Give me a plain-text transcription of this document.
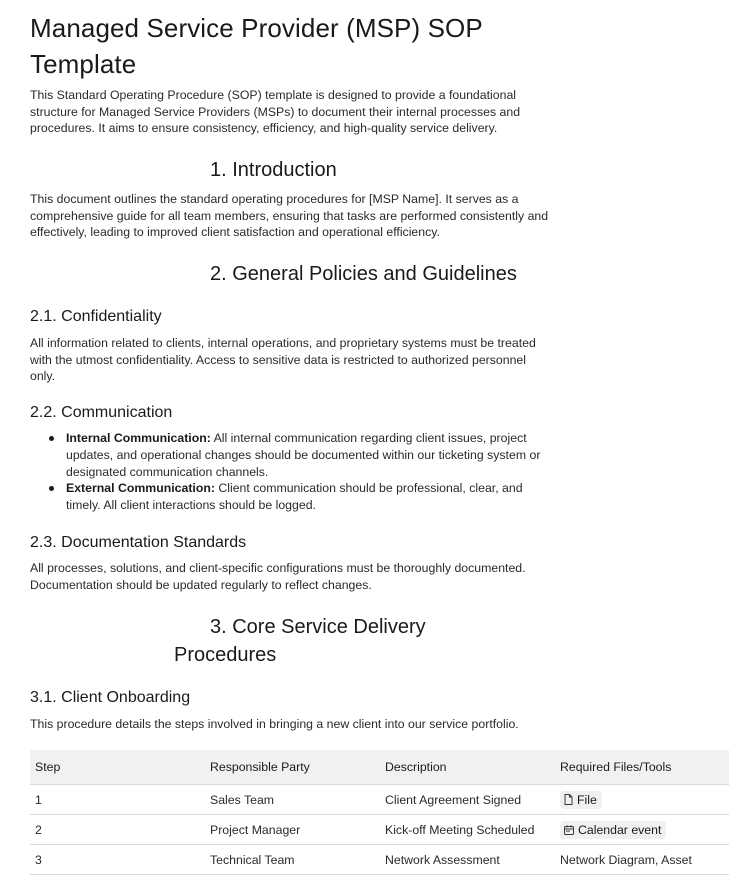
Managed Service Provider (MSP) SOP Template

This Standard Operating Procedure (SOP) template is designed to provide a foundational structure for Managed Service Providers (MSPs) to document their internal processes and procedures. It aims to ensure consistency, efficiency, and high-quality service delivery.

1. Introduction

This document outlines the standard operating procedures for [MSP Name]. It serves as a comprehensive guide for all team members, ensuring that tasks are performed consistently and effectively, leading to improved client satisfaction and operational efficiency.

2. General Policies and Guidelines
2.1. Confidentiality

All information related to clients, internal operations, and proprietary systems must be treated with the utmost confidentiality. Access to sensitive data is restricted to authorized personnel only.

2.2. Communication
Internal Communication: All internal communication regarding client issues, project updates, and operational changes should be documented within our ticketing system or designated communication channels.
External Communication: Client communication should be professional, clear, and timely. All client interactions should be logged.
2.3. Documentation Standards

All processes, solutions, and client-specific configurations must be thoroughly documented. Documentation should be updated regularly to reflect changes.

3. Core Service Delivery
Procedures
3.1. Client Onboarding

This procedure details the steps involved in bringing a new client into our service portfolio.

Step	Responsible Party	Description	Required Files/Tools
1	Sales Team	Client Agreement Signed	File

2	Project Manager	Kick-off Meeting Scheduled	Calendar event

3	Technical Team	Network Assessment	Network Diagram, Asset
